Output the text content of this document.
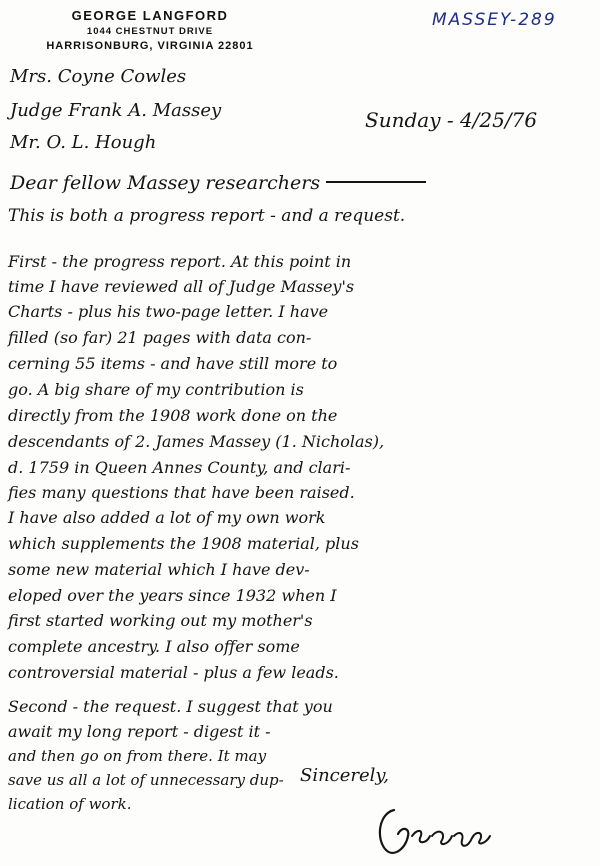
GEORGE LANGFORD
1044 CHESTNUT DRIVE
HARRISONBURG, VIRGINIA 22801
MASSEY-289
Mrs. Coyne Cowles
Judge Frank A. Massey
Mr. O. L. Hough
Sunday - 4/25/76
Dear fellow Massey researchers
This is both a progress report - and a request.
First - the progress report. At this point in
time I have reviewed all of Judge Massey's
Charts - plus his two-page letter. I have
filled (so far) 21 pages with data con-
cerning 55 items - and have still more to
go. A big share of my contribution is
directly from the 1908 work done on the
descendants of 2. James Massey (1. Nicholas),
d. 1759 in Queen Annes County, and clari-
fies many questions that have been raised.
I have also added a lot of my own work
which supplements the 1908 material, plus
some new material which I have dev-
eloped over the years since 1932 when I
first started working out my mother's
complete ancestry. I also offer some
controversial material - plus a few leads.
Second - the request. I suggest that you
await my long report - digest it -
and then go on from there. It may
save us all a lot of unnecessary dup-
lication of work.
Sincerely,
